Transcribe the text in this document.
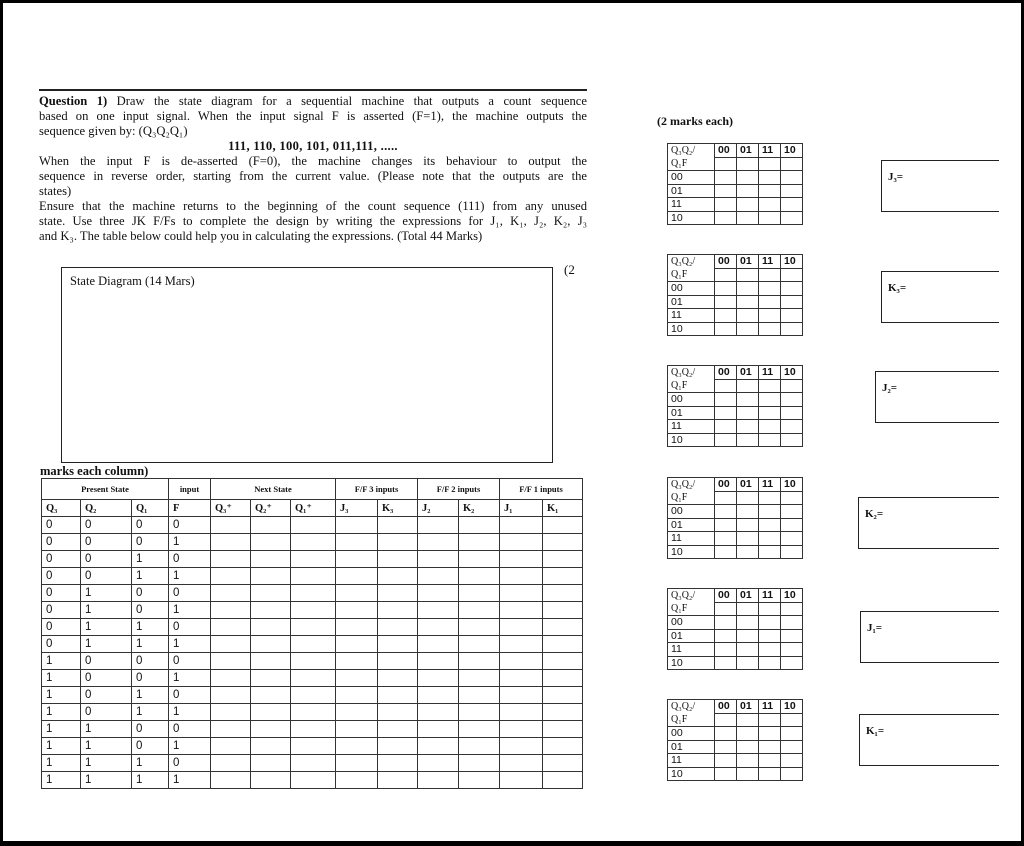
Question 1) Draw the state diagram for a sequential machine that outputs a count sequence
based on one input signal. When the input signal F is asserted (F=1), the machine outputs the
sequence given by: (Q₃Q₂Q₁)
111, 110, 100, 101, 011,111, .....
When the input F is de-asserted (F=0), the machine changes its behaviour to output the
sequence in reverse order, starting from the current value. (Please note that the outputs are the
states)
Ensure that the machine returns to the beginning of the count sequence (111) from any unused
state. Use three JK F/Fs to complete the design by writing the expressions for J₁, K₁, J₂, K₂, J₃
and K₃. The table below could help you in calculating the expressions. (Total 44 Marks)
State Diagram (14 Mars)
(2
marks each column)
Present State			input	Next State			F/F 3 inputs		F/F 2 inputs		F/F 1 inputs	
Q₃	Q₂	Q₁	F	Q₃⁺	Q₂⁺	Q₁⁺	J₃	K₃	J₂	K₂	J₁	K₁
0	0	0	0									
0	0	0	1									
0	0	1	0									
0	0	1	1									
0	1	0	0									
0	1	0	1									
0	1	1	0									
0	1	1	1									
1	0	0	0									
1	0	0	1									
1	0	1	0									
1	0	1	1									
1	1	0	0									
1	1	0	1									
1	1	1	0									
1	1	1	1									
(2 marks each)
Q₃Q₂/	00	01	11	10
Q₁F				
00				
01				
11				
10				
J₃=
Q₃Q₂/	00	01	11	10
Q₁F				
00				
01				
11				
10				
K₃=
Q₃Q₂/	00	01	11	10
Q₁F				
00				
01				
11				
10				
J₂=
Q₃Q₂/	00	01	11	10
Q₁F				
00				
01				
11				
10				
K₂=
Q₃Q₂/	00	01	11	10
Q₁F				
00				
01				
11				
10				
J₁=
Q₃Q₂/	00	01	11	10
Q₁F				
00				
01				
11				
10				
K₁=
